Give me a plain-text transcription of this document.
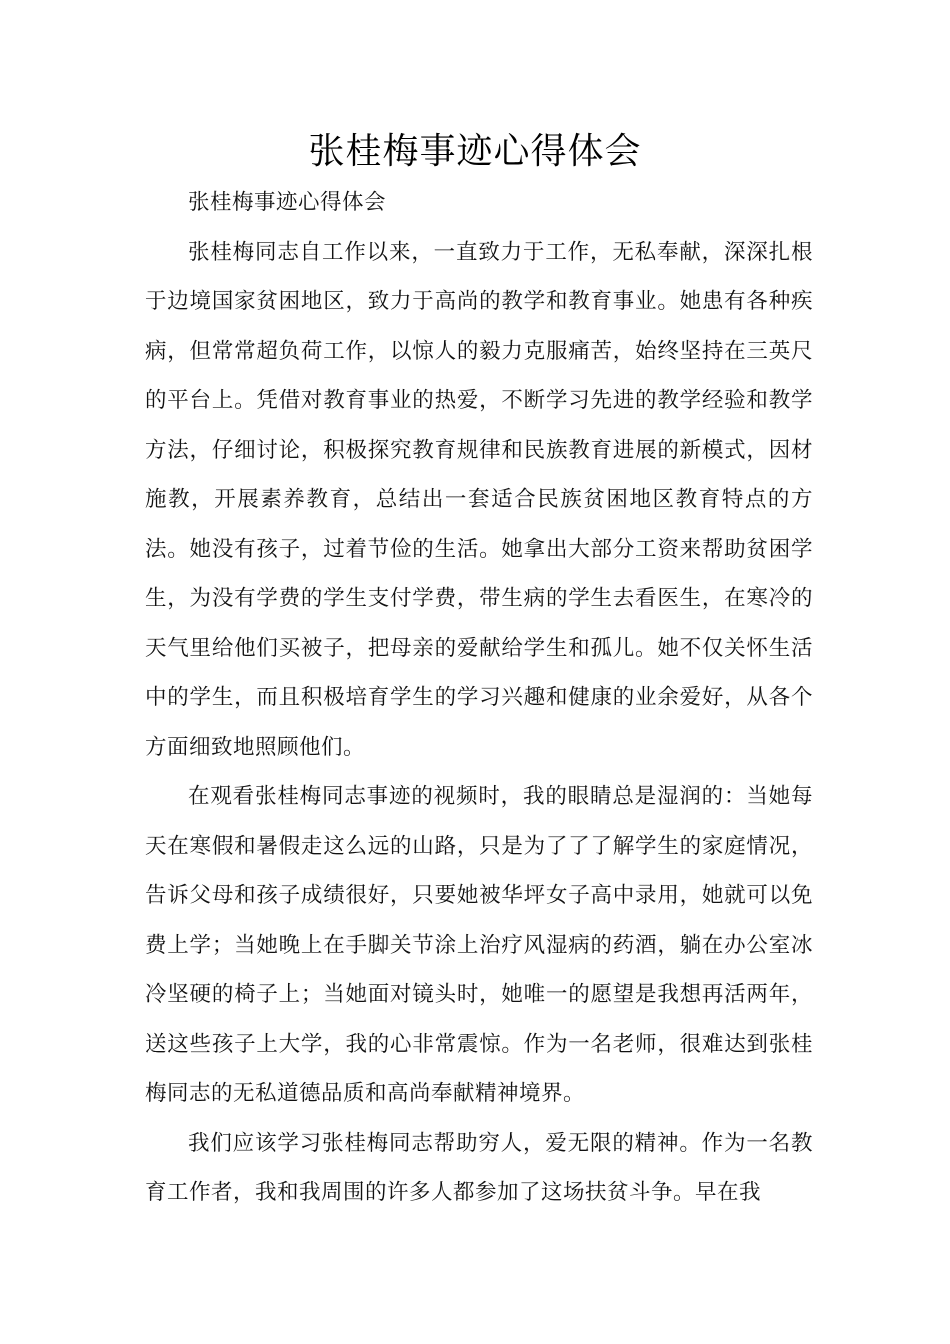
张桂梅事迹心得体会

张桂梅事迹心得体会

张桂梅同志自工作以来，一直致力于工作，无私奉献，深深扎根于边境国家贫困地区，致力于高尚的教学和教育事业。她患有各种疾病，但常常超负荷工作，以惊人的毅力克服痛苦，始终坚持在三英尺的平台上。凭借对教育事业的热爱，不断学习先进的教学经验和教学方法，仔细讨论，积极探究教育规律和民族教育进展的新模式，因材施教，开展素养教育，总结出一套适合民族贫困地区教育特点的方法。她没有孩子，过着节俭的生活。她拿出大部分工资来帮助贫困学生，为没有学费的学生支付学费，带生病的学生去看医生，在寒冷的天气里给他们买被子，把母亲的爱献给学生和孤儿。她不仅关怀生活中的学生，而且积极培育学生的学习兴趣和健康的业余爱好，从各个方面细致地照顾他们。

在观看张桂梅同志事迹的视频时，我的眼睛总是湿润的：当她每天在寒假和暑假走这么远的山路，只是为了了了解学生的家庭情况，告诉父母和孩子成绩很好，只要她被华坪女子高中录用，她就可以免费上学；当她晚上在手脚关节涂上治疗风湿病的药酒，躺在办公室冰冷坚硬的椅子上；当她面对镜头时，她唯一的愿望是我想再活两年，送这些孩子上大学，我的心非常震惊。作为一名老师，很难达到张桂梅同志的无私道德品质和高尚奉献精神境界。

我们应该学习张桂梅同志帮助穷人，爱无限的精神。作为一名教育工作者，我和我周围的许多人都参加了这场扶贫斗争。早在我
